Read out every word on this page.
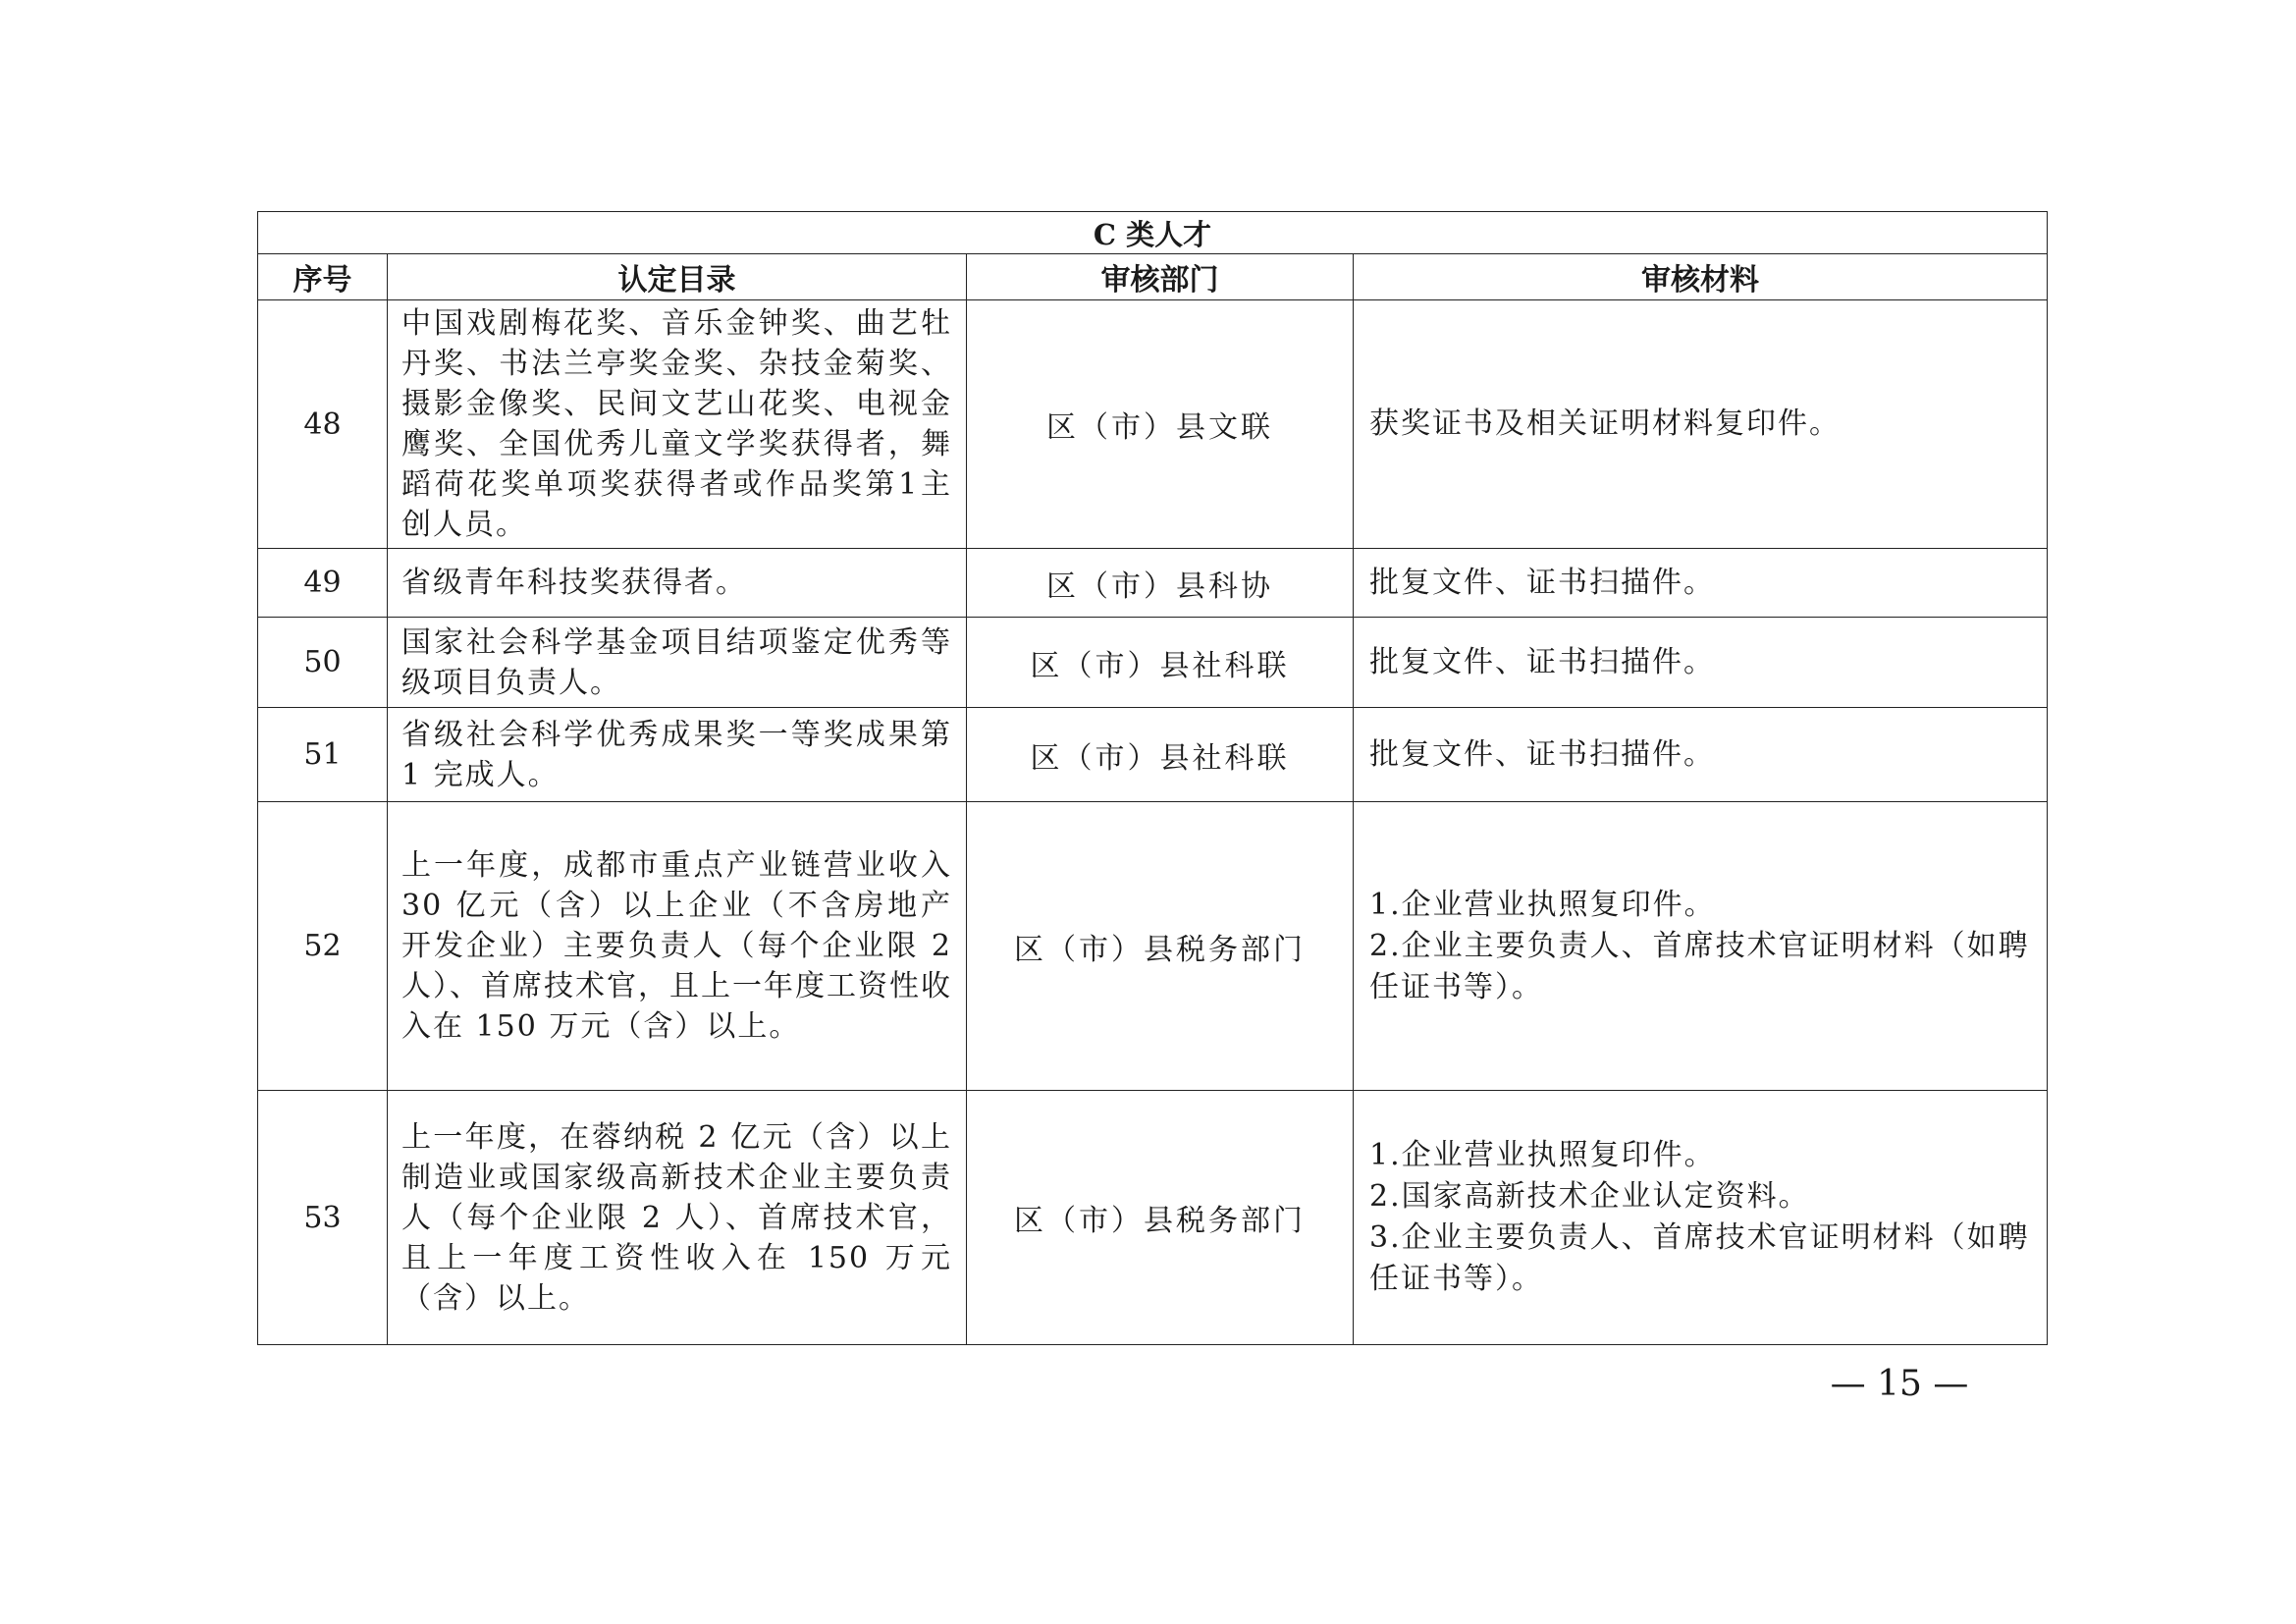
C 类人才			
序号	认定目录	审核部门	审核材料
48	中国戏剧梅花奖、音乐金钟奖、曲艺牡丹奖、书法兰亭奖金奖、杂技金菊奖、摄影金像奖、民间文艺山花奖、电视金鹰奖、全国优秀儿童文学奖获得者，舞蹈荷花奖单项奖获得者或作品奖第1主创人员。	区（市）县文联	获奖证书及相关证明材料复印件。

49	省级青年科技奖获得者。	区（市）县科协	批复文件、证书扫描件。

50	国家社会科学基金项目结项鉴定优秀等级项目负责人。	区（市）县社科联	批复文件、证书扫描件。

51	省级社会科学优秀成果奖一等奖成果第 1 完成人。	区（市）县社科联	批复文件、证书扫描件。

52	上一年度，成都市重点产业链营业收入 30 亿元（含）以上企业（不含房地产开发企业）主要负责人（每个企业限 2 人）、首席技术官，且上一年度工资性收入在 150 万元（含）以上。	区（市）县税务部门	1.企业营业执照复印件。
2.企业主要负责人、首席技术官证明材料（如聘任证书等）。

53	上一年度，在蓉纳税 2 亿元（含）以上制造业或国家级高新技术企业主要负责人（每个企业限 2 人）、首席技术官，且上一年度工资性收入在 150 万元（含）以上。	区（市）县税务部门	1.企业营业执照复印件。
2.国家高新技术企业认定资料。
3.企业主要负责人、首席技术官证明材料（如聘任证书等）。
— 15 —
